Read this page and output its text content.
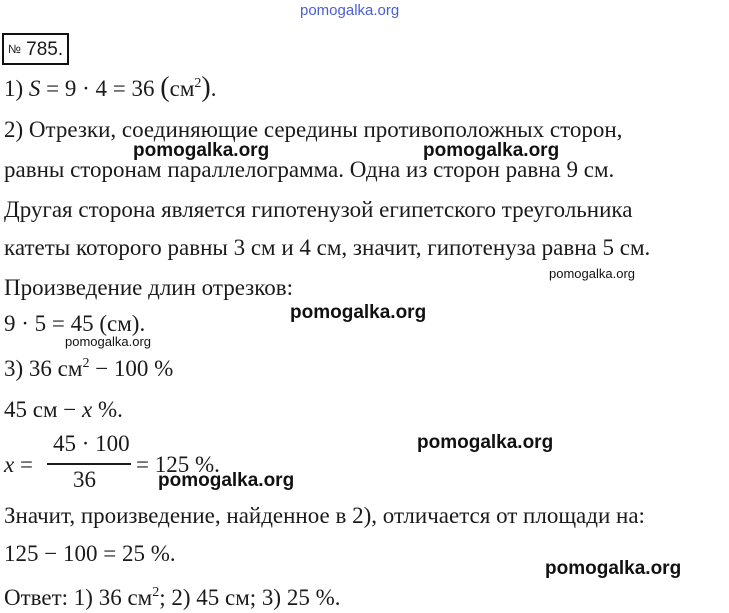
pomogalka.org
№ 785.
1) S = 9 · 4 = 36 $(см^2)$.
2) Отрезки, соединяющие середины противоположных сторон,
pomogalka.org	pomogalka.org
равны сторонам параллелограмма. Одна из сторон равна 9 см.
Другая сторона является гипотенузой египетского треугольника
катеты которого равны 3 см и 4 см, значит, гипотенуза равна 5 см.
pomogalka.org
Произведение длин отрезков:
pomogalka.org
9 · 5 = 45 (см).
pomogalka.org
3) 36 $см^2 - 100$ %
45 см − x %.
pomogalka.org
x =
45 · 100
36
= 125 %.
pomogalka.org
Значит, произведение, найденное в 2), отличается от площади на:
125 − 100 = 25 %.
pomogalka.org
Ответ: 1) 36 $см^2$; 2) 45 см; 3) 25 %.
